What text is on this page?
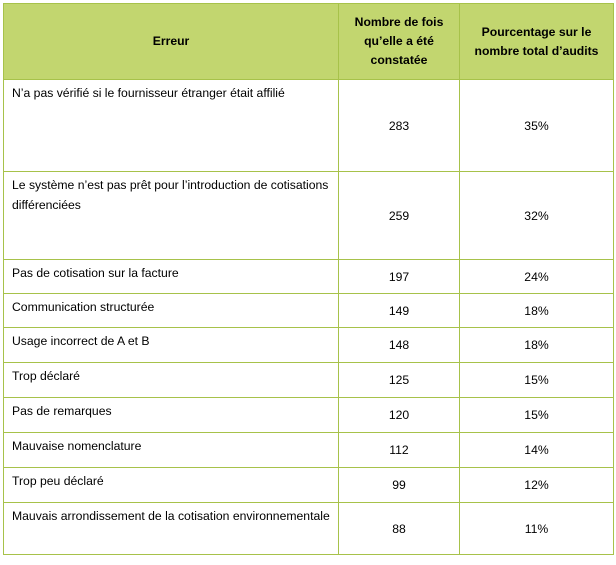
Erreur	Nombre de fois qu’elle a été constatée	Pourcentage sur le nombre total d’audits
N’a pas vérifié si le fournisseur étranger était affilié	283	35%
Le système n’est pas prêt pour l’introduction de cotisations différenciées	259	32%
Pas de cotisation sur la facture	197	24%
Communication structurée	149	18%
Usage incorrect de A et B	148	18%
Trop déclaré	125	15%
Pas de remarques	120	15%
Mauvaise nomenclature	112	14%
Trop peu déclaré	99	12%
Mauvais arrondissement de la cotisation environnementale	88	11%
